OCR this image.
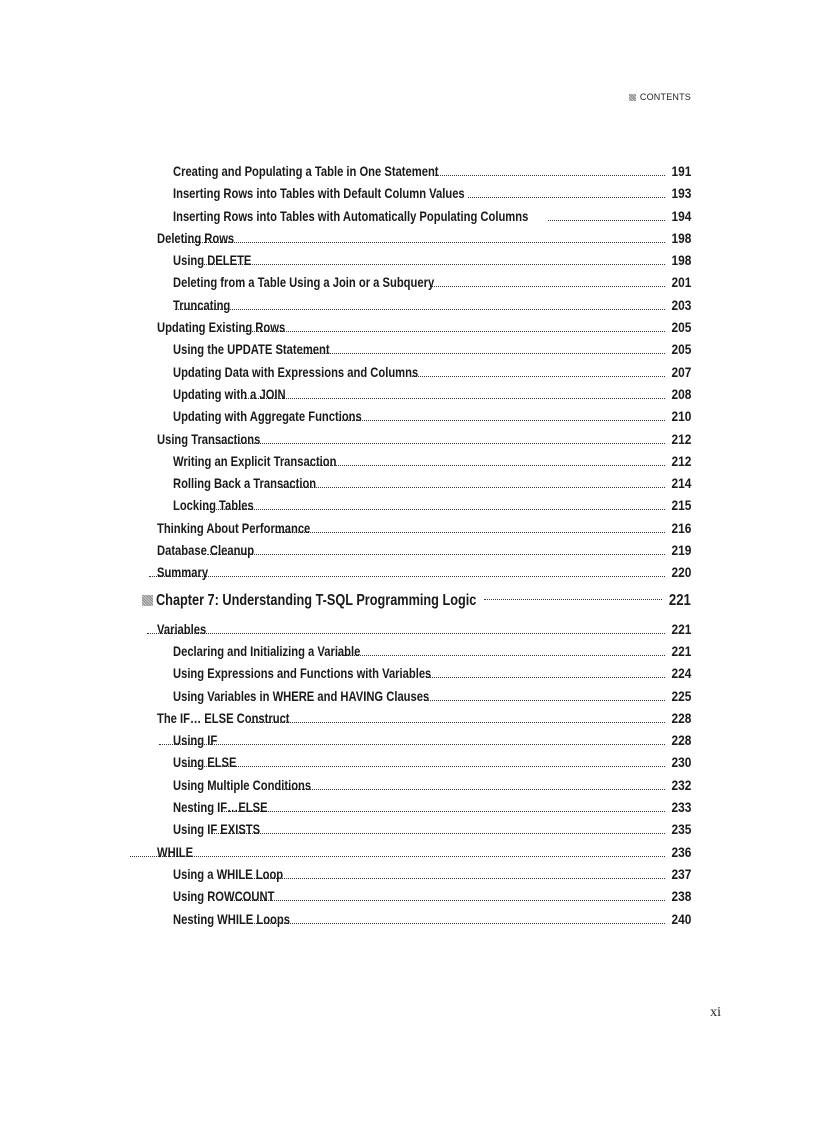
CONTENTS
Creating and Populating a Table in One Statement	191
Inserting Rows into Tables with Default Column Values	193
Inserting Rows into Tables with Automatically Populating Columns	194
Deleting Rows	198
Using DELETE	198
Deleting from a Table Using a Join or a Subquery	201
Truncating	203
Updating Existing Rows	205
Using the UPDATE Statement	205
Updating Data with Expressions and Columns	207
Updating with a JOIN	208
Updating with Aggregate Functions	210
Using Transactions	212
Writing an Explicit Transaction	212
Rolling Back a Transaction	214
Locking Tables	215
Thinking About Performance	216
Database Cleanup	219
Summary	220
Chapter 7: Understanding T-SQL Programming Logic	221
Variables	221
Declaring and Initializing a Variable	221
Using Expressions and Functions with Variables	224
Using Variables in WHERE and HAVING Clauses	225
The IF… ELSE Construct	228
Using IF	228
Using ELSE	230
Using Multiple Conditions	232
Nesting IF…ELSE	233
Using IF EXISTS	235
WHILE	236
Using a WHILE Loop	237
Using ROWCOUNT	238
Nesting WHILE Loops	240
xi
